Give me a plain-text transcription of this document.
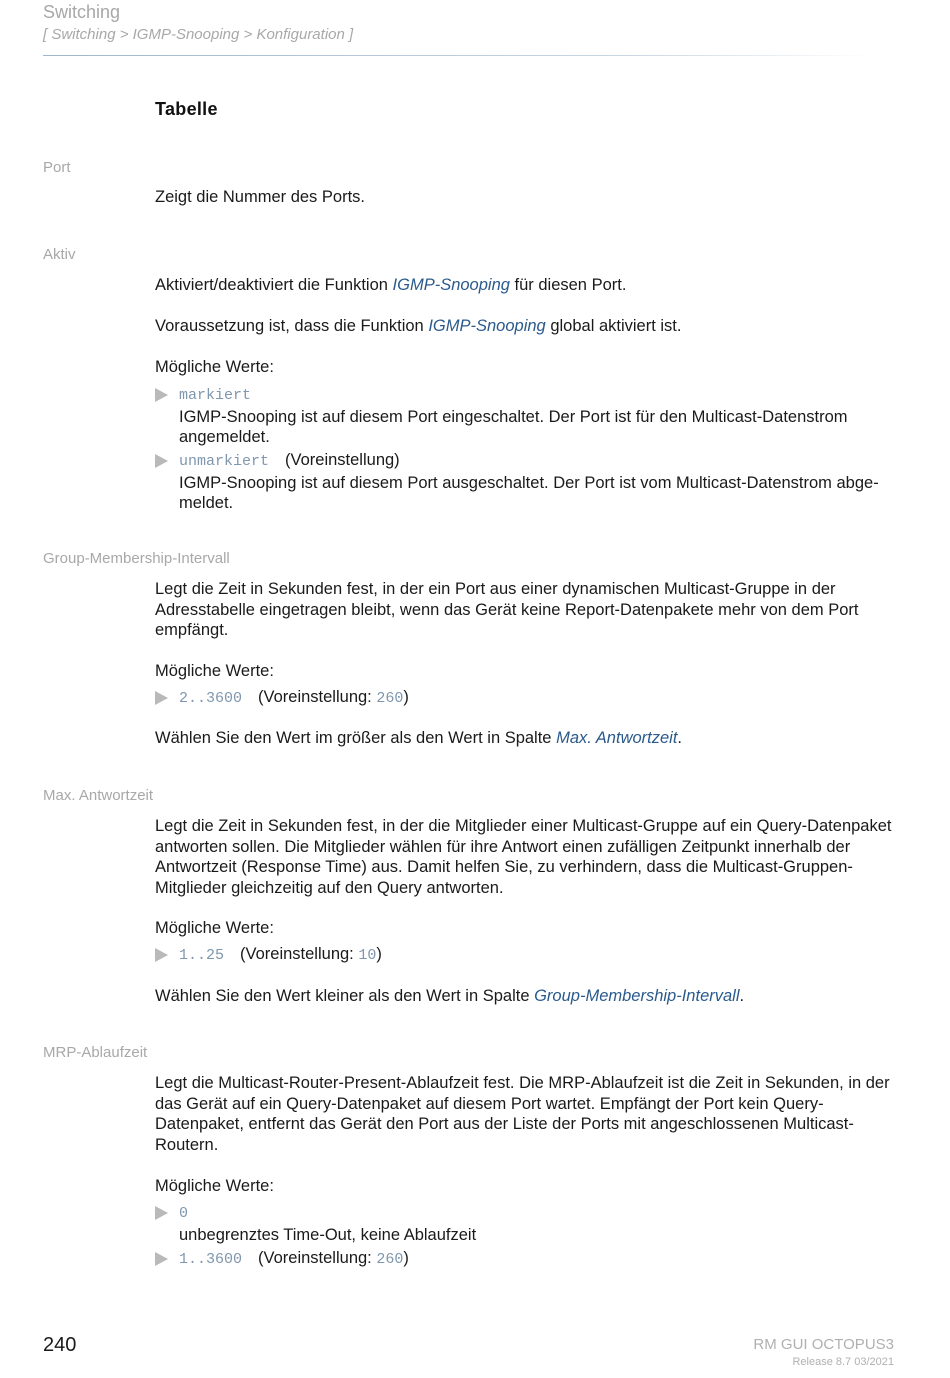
Switching
[ Switching > IGMP-Snooping > Konfiguration ]
Tabelle
Port
Zeigt die Nummer des Ports.
Aktiv
Aktiviert/deaktiviert die Funktion IGMP-Snooping für diesen Port.
Voraussetzung ist, dass die Funktion IGMP-Snooping global aktiviert ist.
Mögliche Werte:
markiert
IGMP-Snooping ist auf diesem Port eingeschaltet. Der Port ist für den Multicast-Datenstrom angemeldet.
unmarkiert (Voreinstellung)
IGMP-Snooping ist auf diesem Port ausgeschaltet. Der Port ist vom Multicast-Datenstrom abgemeldet.
Group-Membership-Intervall
Legt die Zeit in Sekunden fest, in der ein Port aus einer dynamischen Multicast-Gruppe in der Adresstabelle eingetragen bleibt, wenn das Gerät keine Report-Datenpakete mehr von dem Port empfängt.
Mögliche Werte:
2..3600 (Voreinstellung: 260)
Wählen Sie den Wert im größer als den Wert in Spalte Max. Antwortzeit.
Max. Antwortzeit
Legt die Zeit in Sekunden fest, in der die Mitglieder einer Multicast-Gruppe auf ein Query-Datenpaket antworten sollen. Die Mitglieder wählen für ihre Antwort einen zufälligen Zeitpunkt innerhalb der Antwortzeit (Response Time) aus. Damit helfen Sie, zu verhindern, dass die Multicast-Gruppen-Mitglieder gleichzeitig auf den Query antworten.
Mögliche Werte:
1..25 (Voreinstellung: 10)
Wählen Sie den Wert kleiner als den Wert in Spalte Group-Membership-Intervall.
MRP-Ablaufzeit
Legt die Multicast-Router-Present-Ablaufzeit fest. Die MRP-Ablaufzeit ist die Zeit in Sekunden, in der das Gerät auf ein Query-Datenpaket auf diesem Port wartet. Empfängt der Port kein Query-Datenpaket, entfernt das Gerät den Port aus der Liste der Ports mit angeschlossenen Multicast-Routern.
Mögliche Werte:
0
unbegrenztes Time-Out, keine Ablaufzeit
1..3600 (Voreinstellung: 260)
240	RM GUI OCTOPUS3
Release 8.7 03/2021
